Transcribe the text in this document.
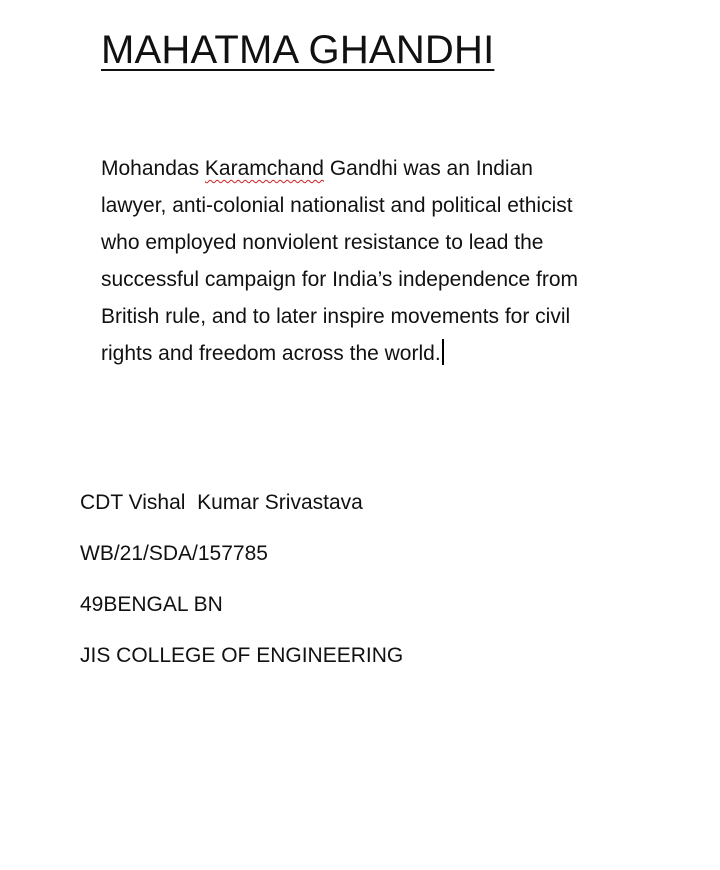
MAHATMA GHANDHI

Mohandas Karamchand Gandhi was an Indian
lawyer, anti-colonial nationalist and political ethicist
who employed nonviolent resistance to lead the
successful campaign for India’s independence from
British rule, and to later inspire movements for civil
rights and freedom across the world.

CDT Vishal  Kumar Srivastava

WB/21/SDA/157785

49BENGAL BN

JIS COLLEGE OF ENGINEERING
